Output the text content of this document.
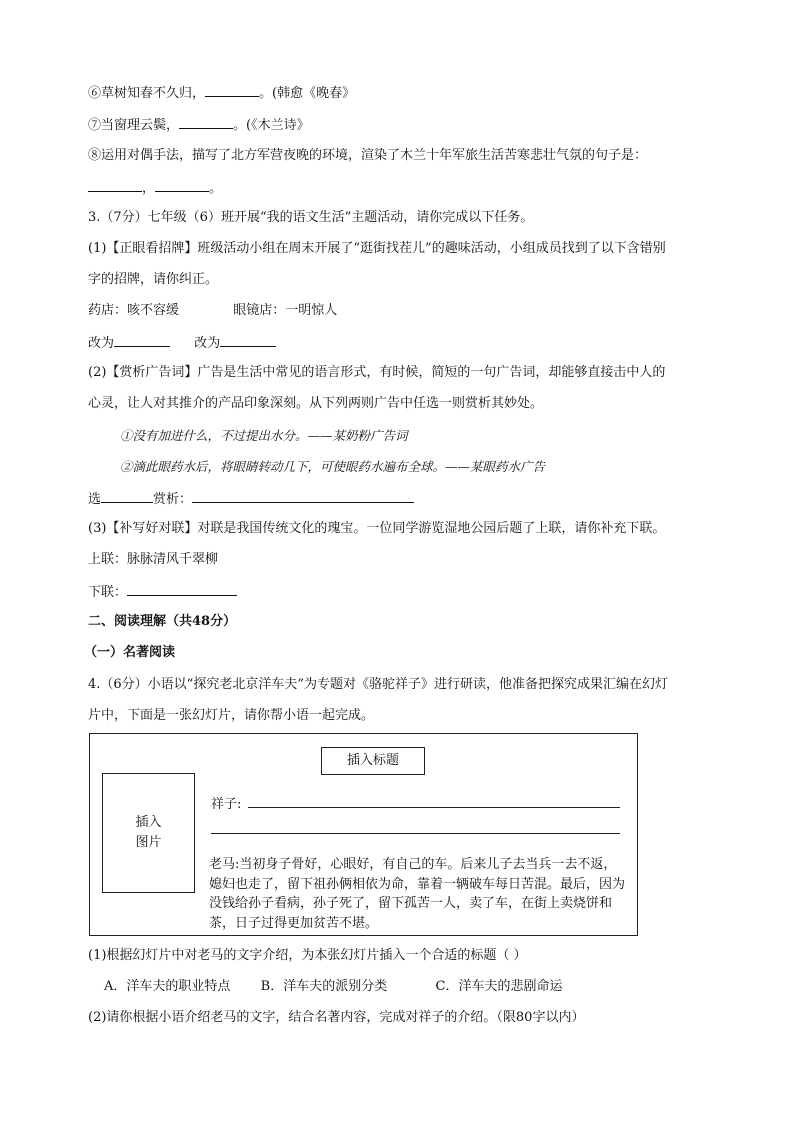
⑥草树知春不久归，	。(韩愈《晚春》
⑦当窗理云鬓，	。(《木兰诗》
⑧运用对偶手法，描写了北方军营夜晚的环境，渲染了木兰十年军旅生活苦寒悲壮气氛的句子是：
，	。
3.（7分）七年级（6）班开展“我的语文生活”主题活动，请你完成以下任务。
(1)【正眼看招牌】班级活动小组在周末开展了“逛街找茬儿”的趣味活动，小组成员找到了以下含错别
字的招牌，请你纠正。
药店：咳不容缓	眼镜店：一明惊人
改为	改为
(2)【赏析广告词】广告是生活中常见的语言形式，有时候，简短的一句广告词，却能够直接击中人的
心灵，让人对其推介的产品印象深刻。从下列两则广告中任选一则赏析其妙处。
①没有加进什么，不过提出水分。——某奶粉广告词
②滴此眼药水后，将眼睛转动几下，可使眼药水遍布全球。——某眼药水广告
选	赏析：
(3)【补写好对联】对联是我国传统文化的瑰宝。一位同学游览湿地公园后题了上联，请你补充下联。
上联：脉脉清风千翠柳
下联：
二、阅读理解（共48分）
（一）名著阅读
4.（6分）小语以“探究老北京洋车夫”为专题对《骆驼祥子》进行研读，他准备把探究成果汇编在幻灯
片中，下面是一张幻灯片，请你帮小语一起完成。
插入标题
插入
图片
祥子:
老马:当初身子骨好，心眼好，有自己的车。后来儿子去当兵一去不返，媳妇也走了，留下祖孙俩相依为命，靠着一辆破车每日苦混。最后，因为没钱给孙子看病，孙子死了，留下孤苦一人，卖了车，在街上卖烧饼和茶，日子过得更加贫苦不堪。
(1)根据幻灯片中对老马的文字介绍，为本张幻灯片插入一个合适的标题（ ）
A．洋车夫的职业特点 B．洋车夫的派别分类	C．洋车夫的悲剧命运
(2)请你根据小语介绍老马的文字，结合名著内容，完成对祥子的介绍。（限80字以内）
